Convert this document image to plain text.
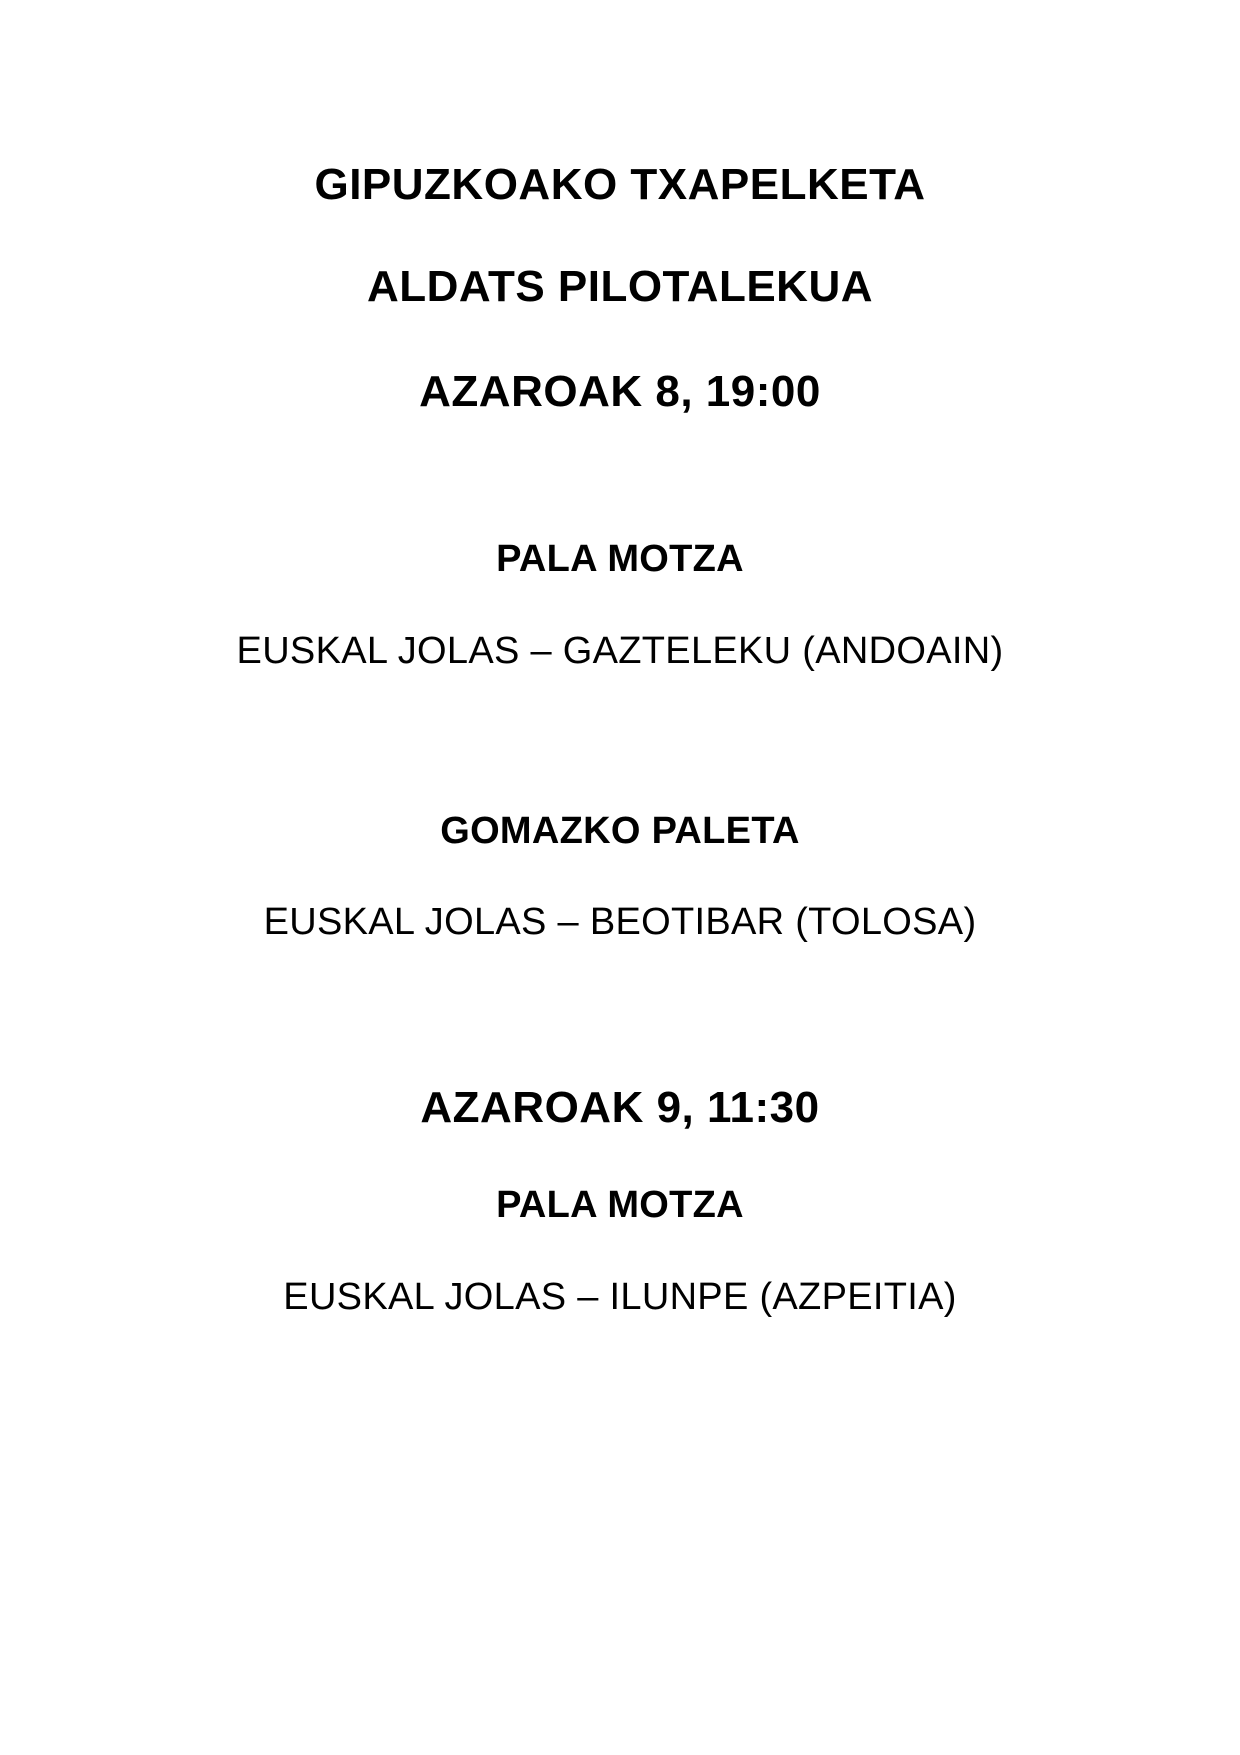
GIPUZKOAKO TXAPELKETA
ALDATS PILOTALEKUA
AZAROAK 8, 19:00
PALA MOTZA
EUSKAL JOLAS – GAZTELEKU (ANDOAIN)
GOMAZKO PALETA
EUSKAL JOLAS – BEOTIBAR (TOLOSA)
AZAROAK 9, 11:30
PALA MOTZA
EUSKAL JOLAS – ILUNPE (AZPEITIA)
